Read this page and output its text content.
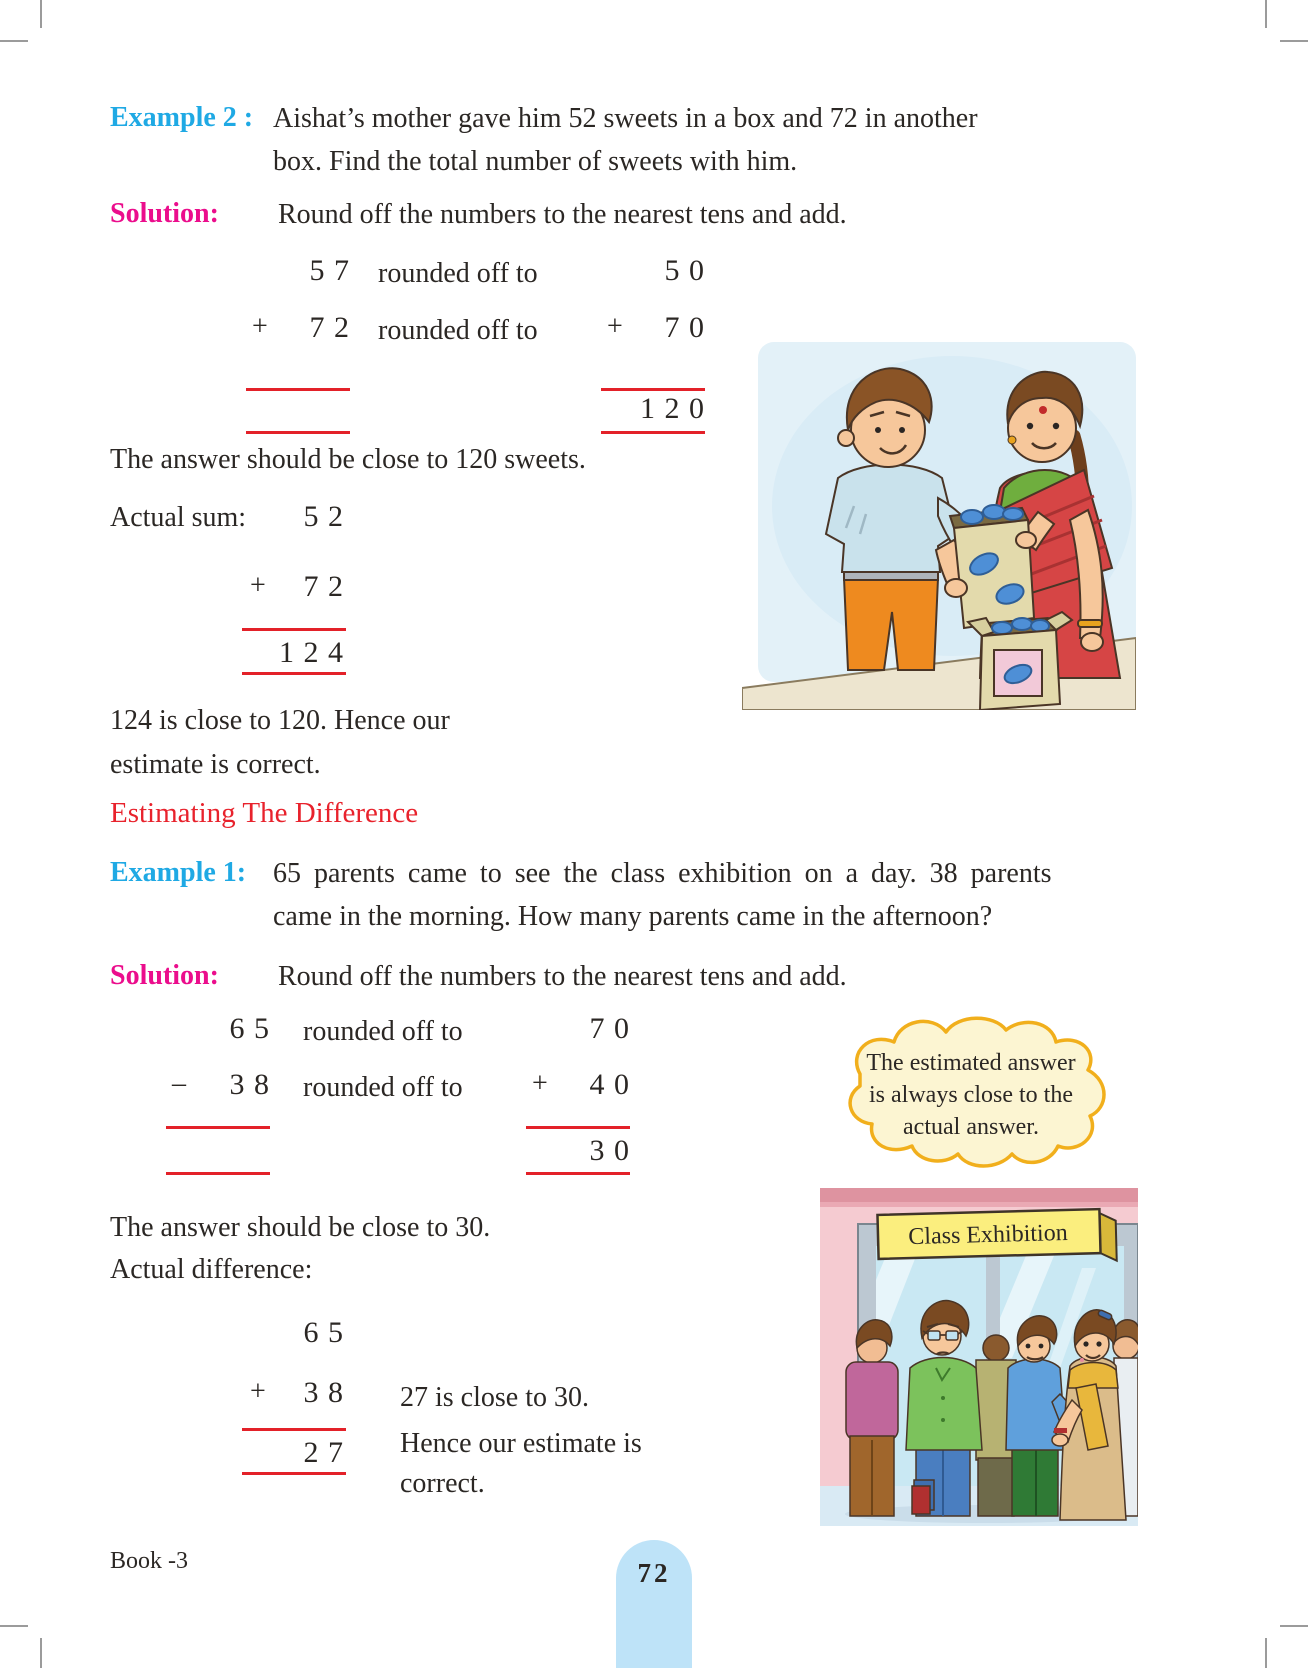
Example 2 : Aishat’s mother gave him 52 sweets in a box and 72 in another
box. Find the total number of sweets with him.
Solution: Round off the numbers to the nearest tens and add.
5 7 rounded off to	5 0
+	7 2 rounded off to +	7 0
1 2 0
The answer should be close to 120 sweets.
Actual sum:	5 2
+	7 2
1 2 4
124 is close to 120. Hence our
estimate is correct.
Estimating The Difference
Example 1: 65 parents came to see the class exhibition on a day. 38 parents
came in the morning. How many parents came in the afternoon?
Solution: Round off the numbers to the nearest tens and add.
6 5 rounded off to	7 0
–	3 8 rounded off to +	4 0
3 0
The answer should be close to 30.
Actual difference:
6 5
+	3 8
2 7
27 is close to 30.
Hence our estimate is
correct.
Book -3	72
The estimated answer
is always close to the
actual answer.
Class Exhibition
